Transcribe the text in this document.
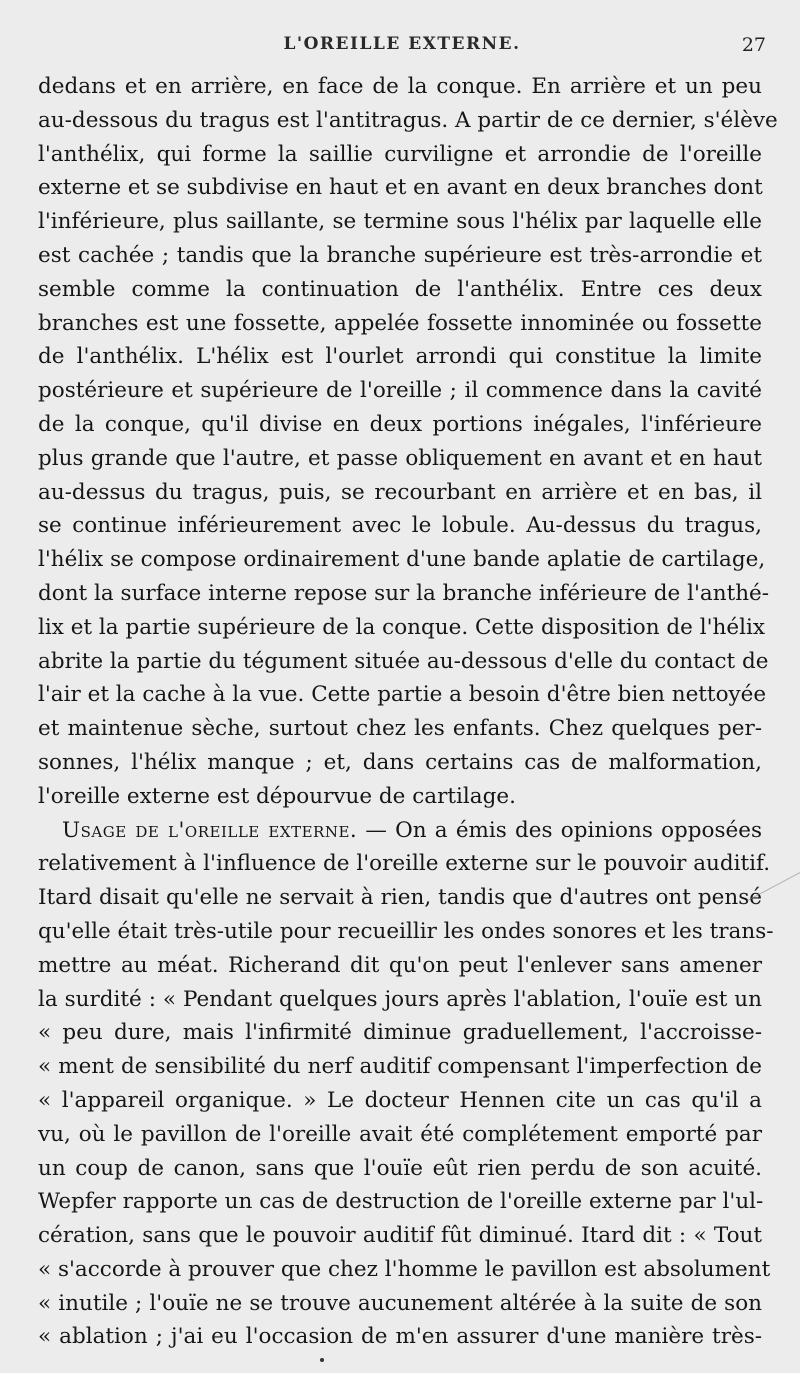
L'OREILLE EXTERNE.	27
dedans et en arrière, en face de la conque. En arrière et un peu
au-dessous du tragus est l'antitragus. A partir de ce dernier, s'élève
l'anthélix, qui forme la saillie curviligne et arrondie de l'oreille
externe et se subdivise en haut et en avant en deux branches dont
l'inférieure, plus saillante, se termine sous l'hélix par laquelle elle
est cachée ; tandis que la branche supérieure est très-arrondie et
semble comme la continuation de l'anthélix. Entre ces deux
branches est une fossette, appelée fossette innominée ou fossette
de l'anthélix. L'hélix est l'ourlet arrondi qui constitue la limite
postérieure et supérieure de l'oreille ; il commence dans la cavité
de la conque, qu'il divise en deux portions inégales, l'inférieure
plus grande que l'autre, et passe obliquement en avant et en haut
au-dessus du tragus, puis, se recourbant en arrière et en bas, il
se continue inférieurement avec le lobule. Au-dessus du tragus,
l'hélix se compose ordinairement d'une bande aplatie de cartilage,
dont la surface interne repose sur la branche inférieure de l'anthé-
lix et la partie supérieure de la conque. Cette disposition de l'hélix
abrite la partie du tégument située au-dessous d'elle du contact de
l'air et la cache à la vue. Cette partie a besoin d'être bien nettoyée
et maintenue sèche, surtout chez les enfants. Chez quelques per-
sonnes, l'hélix manque ; et, dans certains cas de malformation,
l'oreille externe est dépourvue de cartilage.
Usage de l'oreille externe. — On a émis des opinions opposées
relativement à l'influence de l'oreille externe sur le pouvoir auditif.
Itard disait qu'elle ne servait à rien, tandis que d'autres ont pensé
qu'elle était très-utile pour recueillir les ondes sonores et les trans-
mettre au méat. Richerand dit qu'on peut l'enlever sans amener
la surdité : « Pendant quelques jours après l'ablation, l'ouïe est un
« peu dure, mais l'infirmité diminue graduellement, l'accroisse-
« ment de sensibilité du nerf auditif compensant l'imperfection de
« l'appareil organique. » Le docteur Hennen cite un cas qu'il a
vu, où le pavillon de l'oreille avait été complétement emporté par
un coup de canon, sans que l'ouïe eût rien perdu de son acuité.
Wepfer rapporte un cas de destruction de l'oreille externe par l'ul-
cération, sans que le pouvoir auditif fût diminué. Itard dit : « Tout
« s'accorde à prouver que chez l'homme le pavillon est absolument
« inutile ; l'ouïe ne se trouve aucunement altérée à la suite de son
« ablation ; j'ai eu l'occasion de m'en assurer d'une manière très-
